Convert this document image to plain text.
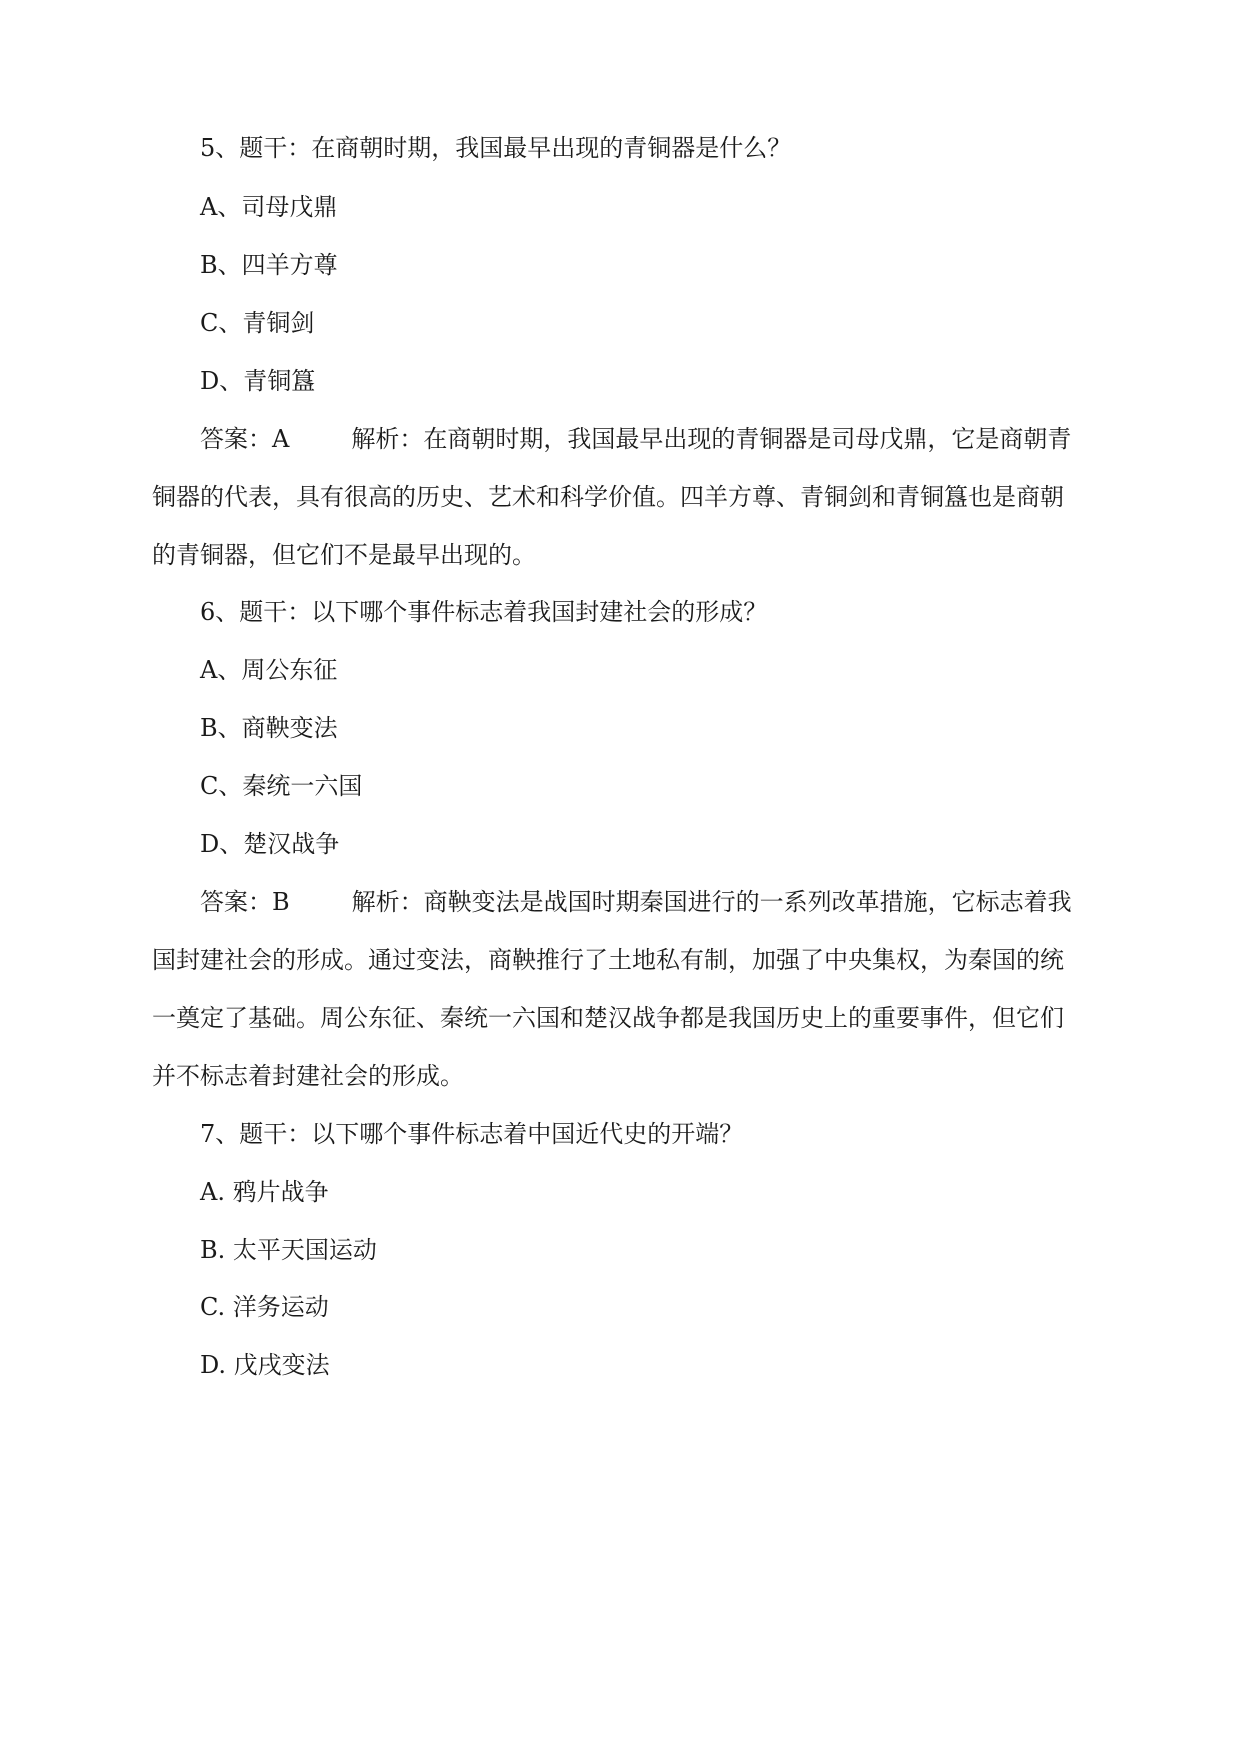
5、题干：在商朝时期，我国最早出现的青铜器是什么？
A、司母戊鼎
B、四羊方尊
C、青铜剑
D、青铜簋
答案：A	解析：在商朝时期，我国最早出现的青铜器是司母戊鼎，它是商朝青
铜器的代表，具有很高的历史、艺术和科学价值。四羊方尊、青铜剑和青铜簋也是商朝
的青铜器，但它们不是最早出现的。
6、题干：以下哪个事件标志着我国封建社会的形成？
A、周公东征
B、商鞅变法
C、秦统一六国
D、楚汉战争
答案：B	解析：商鞅变法是战国时期秦国进行的一系列改革措施，它标志着我
国封建社会的形成。通过变法，商鞅推行了土地私有制，加强了中央集权，为秦国的统
一奠定了基础。周公东征、秦统一六国和楚汉战争都是我国历史上的重要事件，但它们
并不标志着封建社会的形成。
7、题干：以下哪个事件标志着中国近代史的开端？
A. 鸦片战争
B. 太平天国运动
C. 洋务运动
D. 戊戌变法
